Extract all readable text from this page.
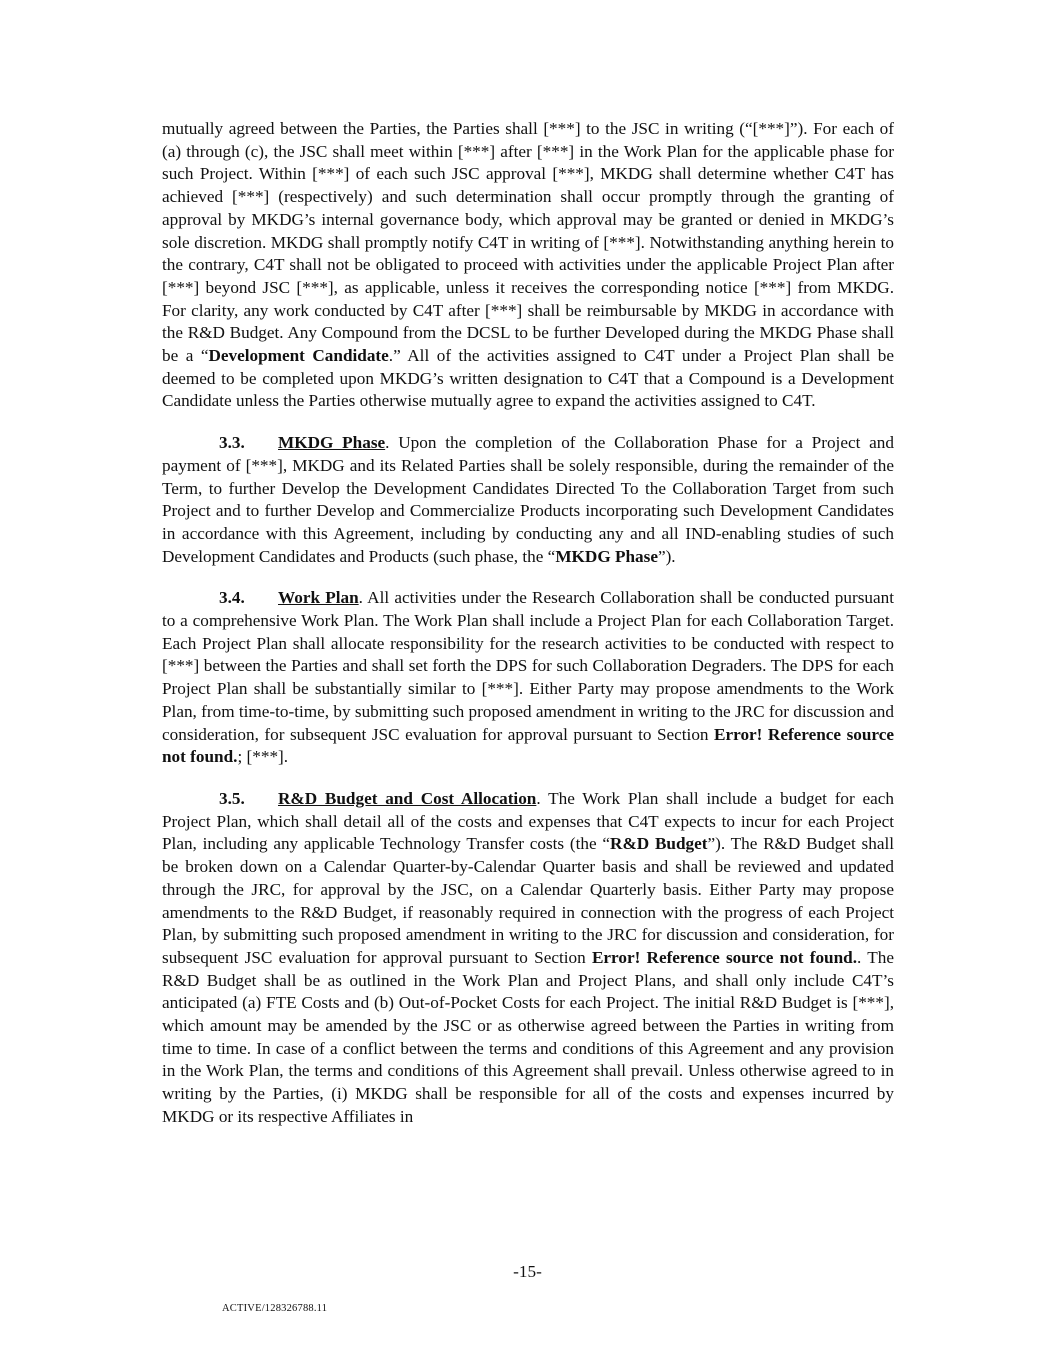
mutually agreed between the Parties, the Parties shall [***] to the JSC in writing (“[***]”). For each of (a) through (c), the JSC shall meet within [***] after [***] in the Work Plan for the applicable phase for such Project. Within [***] of each such JSC approval [***], MKDG shall determine whether C4T has achieved [***] (respectively) and such determination shall occur promptly through the granting of approval by MKDG’s internal governance body, which approval may be granted or denied in MKDG’s sole discretion. MKDG shall promptly notify C4T in writing of [***]. Notwithstanding anything herein to the contrary, C4T shall not be obligated to proceed with activities under the applicable Project Plan after [***] beyond JSC [***], as applicable, unless it receives the corresponding notice [***] from MKDG. For clarity, any work conducted by C4T after [***] shall be reimbursable by MKDG in accordance with the R&D Budget. Any Compound from the DCSL to be further Developed during the MKDG Phase shall be a “Development Candidate.” All of the activities assigned to C4T under a Project Plan shall be deemed to be completed upon MKDG’s written designation to C4T that a Compound is a Development Candidate unless the Parties otherwise mutually agree to expand the activities assigned to C4T.

3.3. MKDG Phase. Upon the completion of the Collaboration Phase for a Project and payment of [***], MKDG and its Related Parties shall be solely responsible, during the remainder of the Term, to further Develop the Development Candidates Directed To the Collaboration Target from such Project and to further Develop and Commercialize Products incorporating such Development Candidates in accordance with this Agreement, including by conducting any and all IND-enabling studies of such Development Candidates and Products (such phase, the “MKDG Phase”).

3.4. Work Plan. All activities under the Research Collaboration shall be conducted pursuant to a comprehensive Work Plan. The Work Plan shall include a Project Plan for each Collaboration Target. Each Project Plan shall allocate responsibility for the research activities to be conducted with respect to [***] between the Parties and shall set forth the DPS for such Collaboration Degraders. The DPS for each Project Plan shall be substantially similar to [***]. Either Party may propose amendments to the Work Plan, from time-to-time, by submitting such proposed amendment in writing to the JRC for discussion and consideration, for subsequent JSC evaluation for approval pursuant to Section Error! Reference source not found.; [***].

3.5. R&D Budget and Cost Allocation. The Work Plan shall include a budget for each Project Plan, which shall detail all of the costs and expenses that C4T expects to incur for each Project Plan, including any applicable Technology Transfer costs (the “R&D Budget”). The R&D Budget shall be broken down on a Calendar Quarter-by-Calendar Quarter basis and shall be reviewed and updated through the JRC, for approval by the JSC, on a Calendar Quarterly basis. Either Party may propose amendments to the R&D Budget, if reasonably required in connection with the progress of each Project Plan, by submitting such proposed amendment in writing to the JRC for discussion and consideration, for subsequent JSC evaluation for approval pursuant to Section Error! Reference source not found.. The R&D Budget shall be as outlined in the Work Plan and Project Plans, and shall only include C4T’s anticipated (a) FTE Costs and (b) Out-of-Pocket Costs for each Project. The initial R&D Budget is [***], which amount may be amended by the JSC or as otherwise agreed between the Parties in writing from time to time. In case of a conflict between the terms and conditions of this Agreement and any provision in the Work Plan, the terms and conditions of this Agreement shall prevail. Unless otherwise agreed to in writing by the Parties, (i) MKDG shall be responsible for all of the costs and expenses incurred by MKDG or its respective Affiliates in

-15-
ACTIVE/128326788.11
